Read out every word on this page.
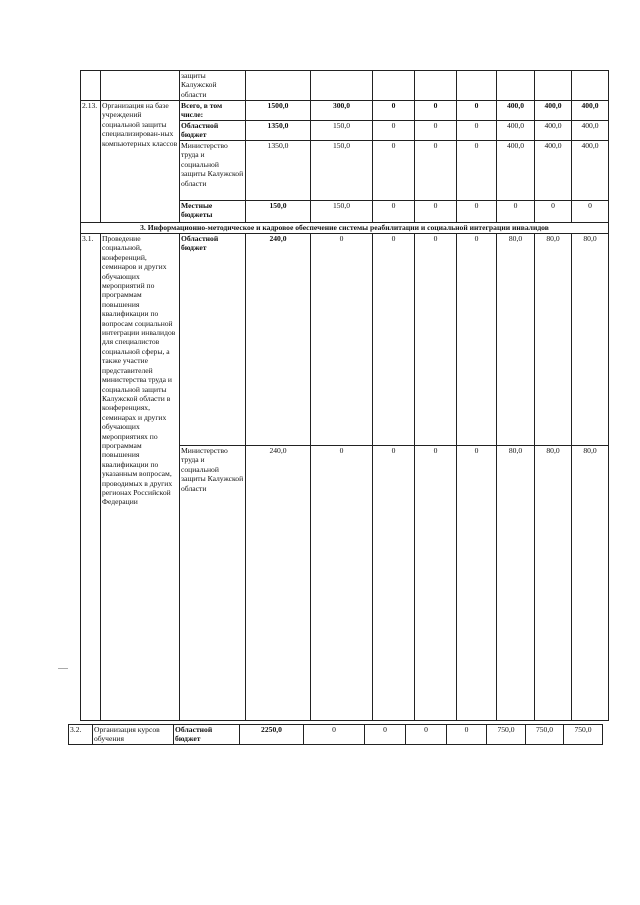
		защиты
Калужской
области								
2.13.	Организация на базе учреждений социальной защиты специализирован-ных компьютерных классов	Всего, в том числе:	1500,0	300,0	0	0	0	400,0	400,0	400,0
		Областной бюджет	1350,0	150,0	0	0	0	400,0	400,0	400,0
		Министерство труда и социальной защиты Калужской области	1350,0	150,0	0	0	0	400,0	400,0	400,0
		Местные бюджеты	150,0	150,0	0	0	0	0	0	0
3. Информационно-методическое и кадровое обеспечение системы реабилитации и социальной интеграции инвалидов										
3.1.	Проведение социальной, конференций, семинаров и других обучающих мероприятий по программам повышения квалификации по вопросам социальной интеграции инвалидов для специалистов социальной сферы, а также участие представителей министерства труда и социальной защиты Калужской области в конференциях, семинарах и других обучающих мероприятиях по программам повышения квалификации по указанным вопросам, проводимых в других регионах Российской Федерации	Областной бюджет	240,0	0	0	0	0	80,0	80,0	80,0
		Министерство труда и социальной защиты Калужской области	240,0	0	0	0	0	80,0	80,0	80,0
3.2.	Организация курсов обучения	Областной бюджет	2250,0	0	0	0	0	750,0	750,0	750,0
